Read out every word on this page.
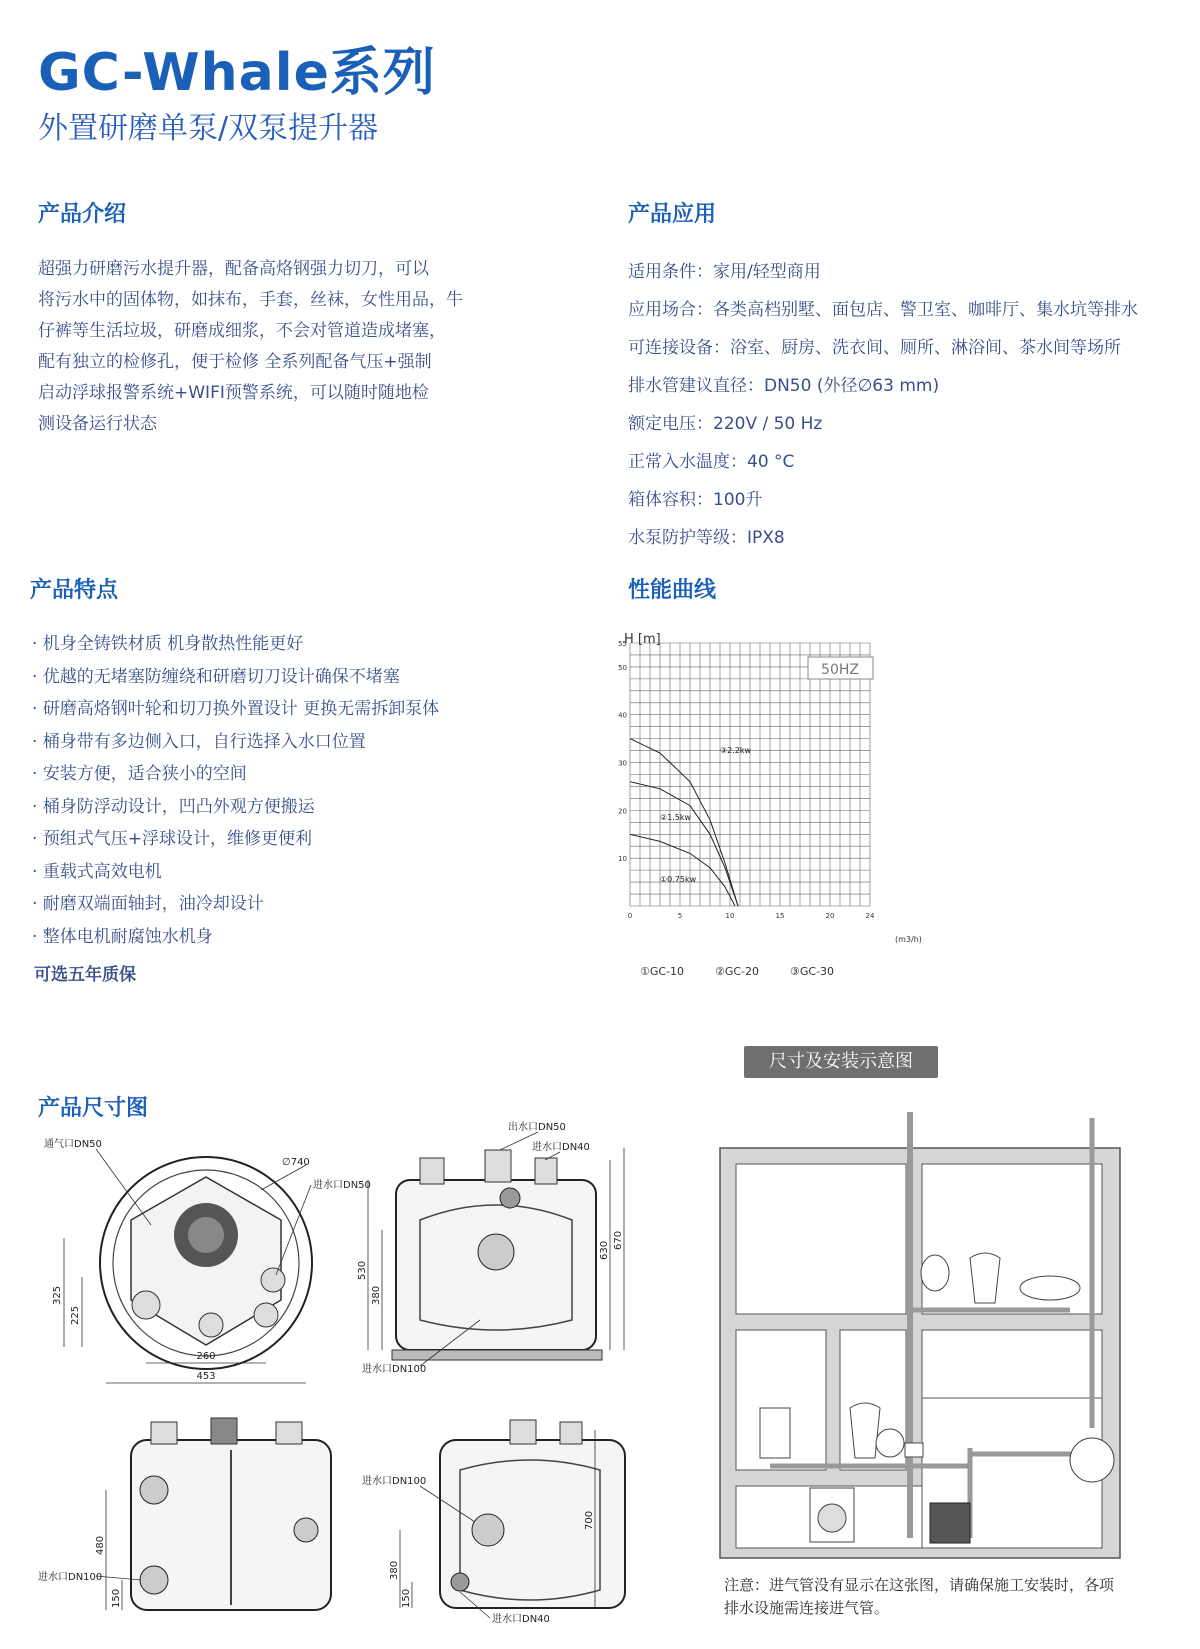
GC-Whale系列
外置研磨单泵/双泵提升器
产品介绍
超强力研磨污水提升器，配备高烙钢强力切刀，可以
将污水中的固体物，如抹布，手套，丝袜，女性用品，牛
仔裤等生活垃圾，研磨成细浆，不会对管道造成堵塞，
配有独立的检修孔，便于检修 全系列配备气压+强制
启动浮球报警系统+WIFI预警系统，可以随时随地检
测设备运行状态
产品应用
适用条件：家用/轻型商用
应用场合：各类高档别墅、面包店、警卫室、咖啡厅、集水坑等排水
可连接设备：浴室、厨房、洗衣间、厕所、淋浴间、茶水间等场所
排水管建议直径：DN50 (外径∅63 mm)
额定电压：220V / 50 Hz
正常入水温度：40 °C
箱体容积：100升
水泵防护等级：IPX8
产品特点
· 机身全铸铁材质 机身散热性能更好
· 优越的无堵塞防缠绕和研磨切刀设计确保不堵塞
· 研磨高烙钢叶轮和切刀换外置设计 更换无需拆卸泵体
· 桶身带有多边侧入口，自行选择入水口位置
· 安装方便，适合狭小的空间
· 桶身防浮动设计，凹凸外观方便搬运
· 预组式气压+浮球设计，维修更便利
· 重载式高效电机
· 耐磨双端面轴封，油冷却设计
· 整体电机耐腐蚀水机身
可选五年质保
性能曲线
H [m]
0	5	10	15	20	24
10
20
30
40
50
55
①0.75kw
②1.5kw
③2.2kw
50HZ
(m3/h)
①GC-10	②GC-20	③GC-30
产品尺寸图
通气口DN50
∅740
进水口DN50
325
225
260
453
出水口DN50
进水口DN40
进水口DN100
530
380
630
670
480
150
进水口DN100
700
380
150
进水口DN100
进水口DN40
尺寸及安装示意图
注意：进气管没有显示在这张图，请确保施工安装时，各项
排水设施需连接进气管。
